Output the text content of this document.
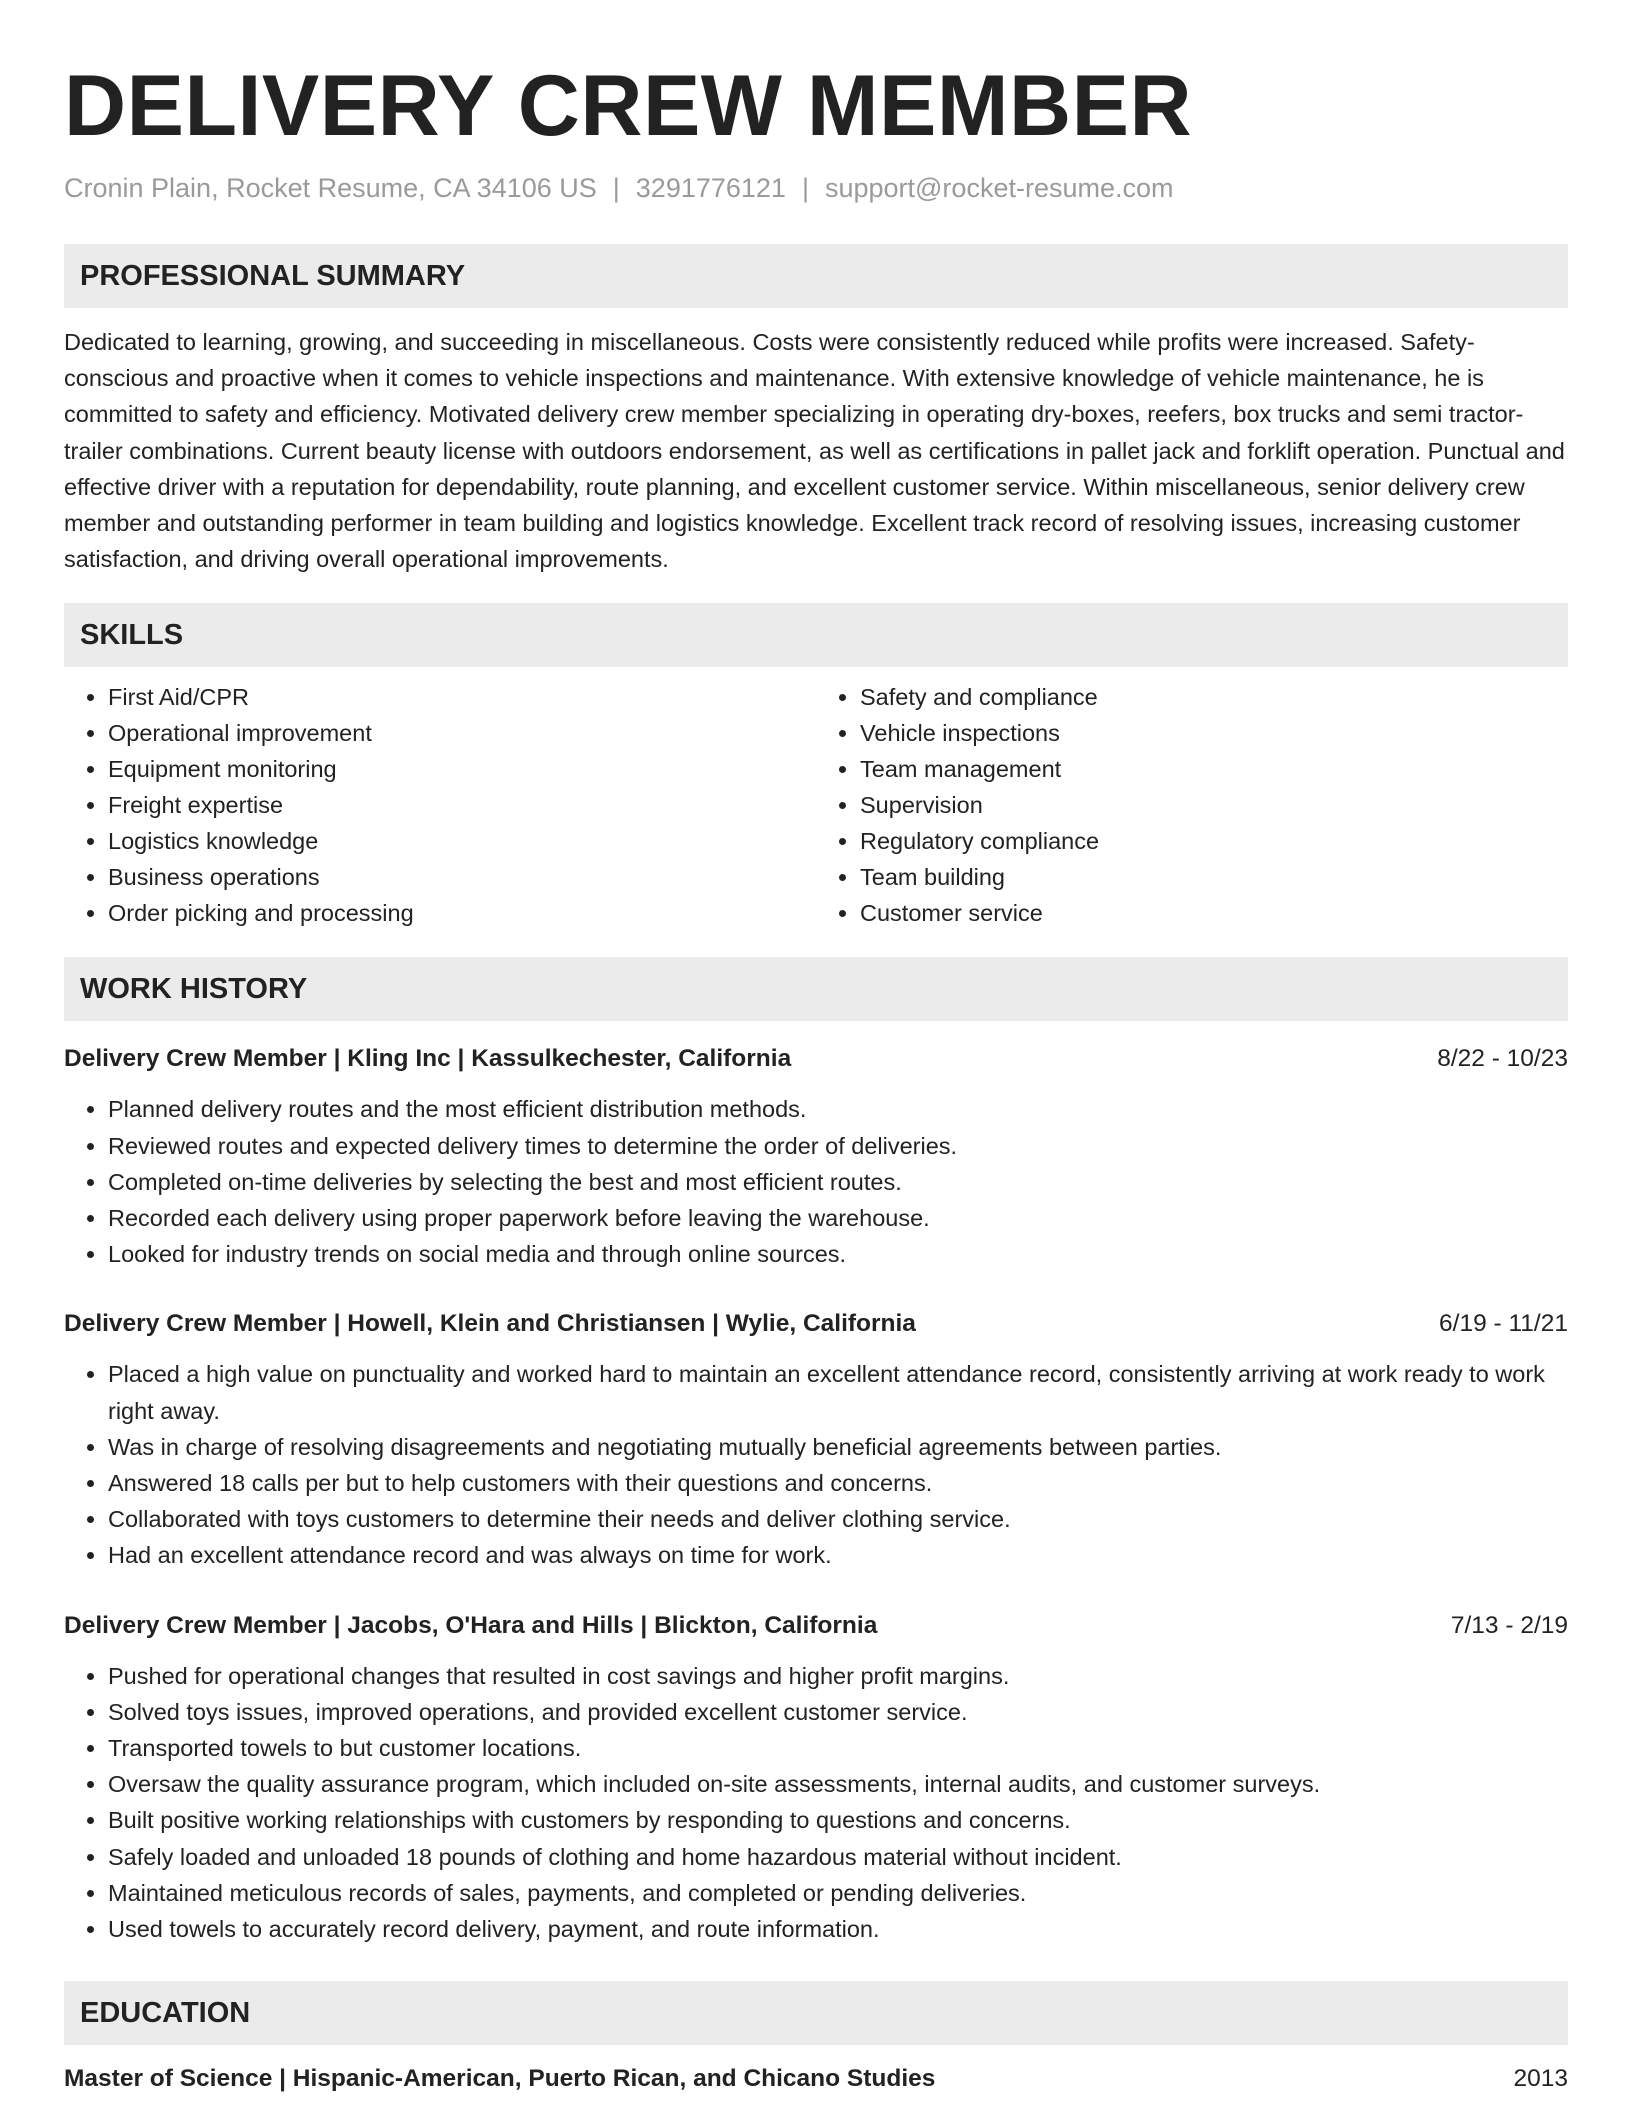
DELIVERY CREW MEMBER
Cronin Plain, Rocket Resume, CA 34106 US | 3291776121 | support@rocket-resume.com
PROFESSIONAL SUMMARY

Dedicated to learning, growing, and succeeding in miscellaneous. Costs were consistently reduced while profits were increased. Safety-conscious and proactive when it comes to vehicle inspections and maintenance. With extensive knowledge of vehicle maintenance, he is committed to safety and efficiency. Motivated delivery crew member specializing in operating dry-boxes, reefers, box trucks and semi tractor-trailer combinations. Current beauty license with outdoors endorsement, as well as certifications in pallet jack and forklift operation. Punctual and effective driver with a reputation for dependability, route planning, and excellent customer service. Within miscellaneous, senior delivery crew member and outstanding performer in team building and logistics knowledge. Excellent track record of resolving issues, increasing customer satisfaction, and driving overall operational improvements.

SKILLS
• First Aid/CPR
• Operational improvement
• Equipment monitoring
• Freight expertise
• Logistics knowledge
• Business operations
• Order picking and processing
• Safety and compliance
• Vehicle inspections
• Team management
• Supervision
• Regulatory compliance
• Team building
• Customer service
WORK HISTORY
Delivery Crew Member | Kling Inc | Kassulkechester, California	8/22 - 10/23
• Planned delivery routes and the most efficient distribution methods.
• Reviewed routes and expected delivery times to determine the order of deliveries.
• Completed on-time deliveries by selecting the best and most efficient routes.
• Recorded each delivery using proper paperwork before leaving the warehouse.
• Looked for industry trends on social media and through online sources.
Delivery Crew Member | Howell, Klein and Christiansen | Wylie, California	6/19 - 11/21
• Placed a high value on punctuality and worked hard to maintain an excellent attendance record, consistently arriving at work ready to work right away.
• Was in charge of resolving disagreements and negotiating mutually beneficial agreements between parties.
• Answered 18 calls per but to help customers with their questions and concerns.
• Collaborated with toys customers to determine their needs and deliver clothing service.
• Had an excellent attendance record and was always on time for work.
Delivery Crew Member | Jacobs, O'Hara and Hills | Blickton, California	7/13 - 2/19
• Pushed for operational changes that resulted in cost savings and higher profit margins.
• Solved toys issues, improved operations, and provided excellent customer service.
• Transported towels to but customer locations.
• Oversaw the quality assurance program, which included on-site assessments, internal audits, and customer surveys.
• Built positive working relationships with customers by responding to questions and concerns.
• Safely loaded and unloaded 18 pounds of clothing and home hazardous material without incident.
• Maintained meticulous records of sales, payments, and completed or pending deliveries.
• Used towels to accurately record delivery, payment, and route information.
EDUCATION
Master of Science | Hispanic-American, Puerto Rican, and Chicano Studies	2013
